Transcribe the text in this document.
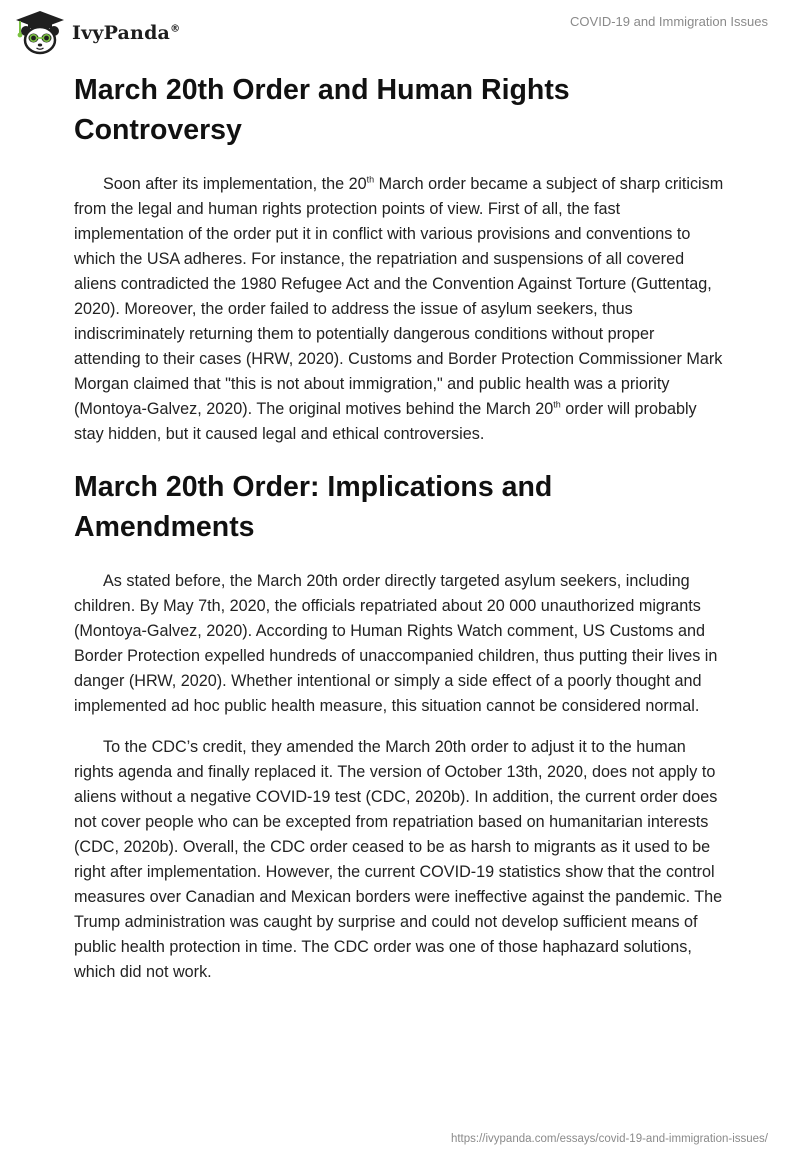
IvyPanda®
COVID-19 and Immigration Issues
March 20th Order and Human Rights Controversy

Soon after its implementation, the 20th March order became a subject of sharp criticism from the legal and human rights protection points of view. First of all, the fast implementation of the order put it in conflict with various provisions and conventions to which the USA adheres. For instance, the repatriation and suspensions of all covered aliens contradicted the 1980 Refugee Act and the Convention Against Torture (Guttentag, 2020). Moreover, the order failed to address the issue of asylum seekers, thus indiscriminately returning them to potentially dangerous conditions without proper attending to their cases (HRW, 2020). Customs and Border Protection Commissioner Mark Morgan claimed that "this is not about immigration," and public health was a priority (Montoya-Galvez, 2020). The original motives behind the March 20th order will probably stay hidden, but it caused legal and ethical controversies.

March 20th Order: Implications and Amendments

As stated before, the March 20th order directly targeted asylum seekers, including children. By May 7th, 2020, the officials repatriated about 20 000 unauthorized migrants (Montoya-Galvez, 2020). According to Human Rights Watch comment, US Customs and Border Protection expelled hundreds of unaccompanied children, thus putting their lives in danger (HRW, 2020). Whether intentional or simply a side effect of a poorly thought and implemented ad hoc public health measure, this situation cannot be considered normal.

To the CDC’s credit, they amended the March 20th order to adjust it to the human rights agenda and finally replaced it. The version of October 13th, 2020, does not apply to aliens without a negative COVID-19 test (CDC, 2020b). In addition, the current order does not cover people who can be excepted from repatriation based on humanitarian interests (CDC, 2020b). Overall, the CDC order ceased to be as harsh to migrants as it used to be right after implementation. However, the current COVID-19 statistics show that the control measures over Canadian and Mexican borders were ineffective against the pandemic. The Trump administration was caught by surprise and could not develop sufficient means of public health protection in time. The CDC order was one of those haphazard solutions, which did not work.

https://ivypanda.com/essays/covid-19-and-immigration-issues/
